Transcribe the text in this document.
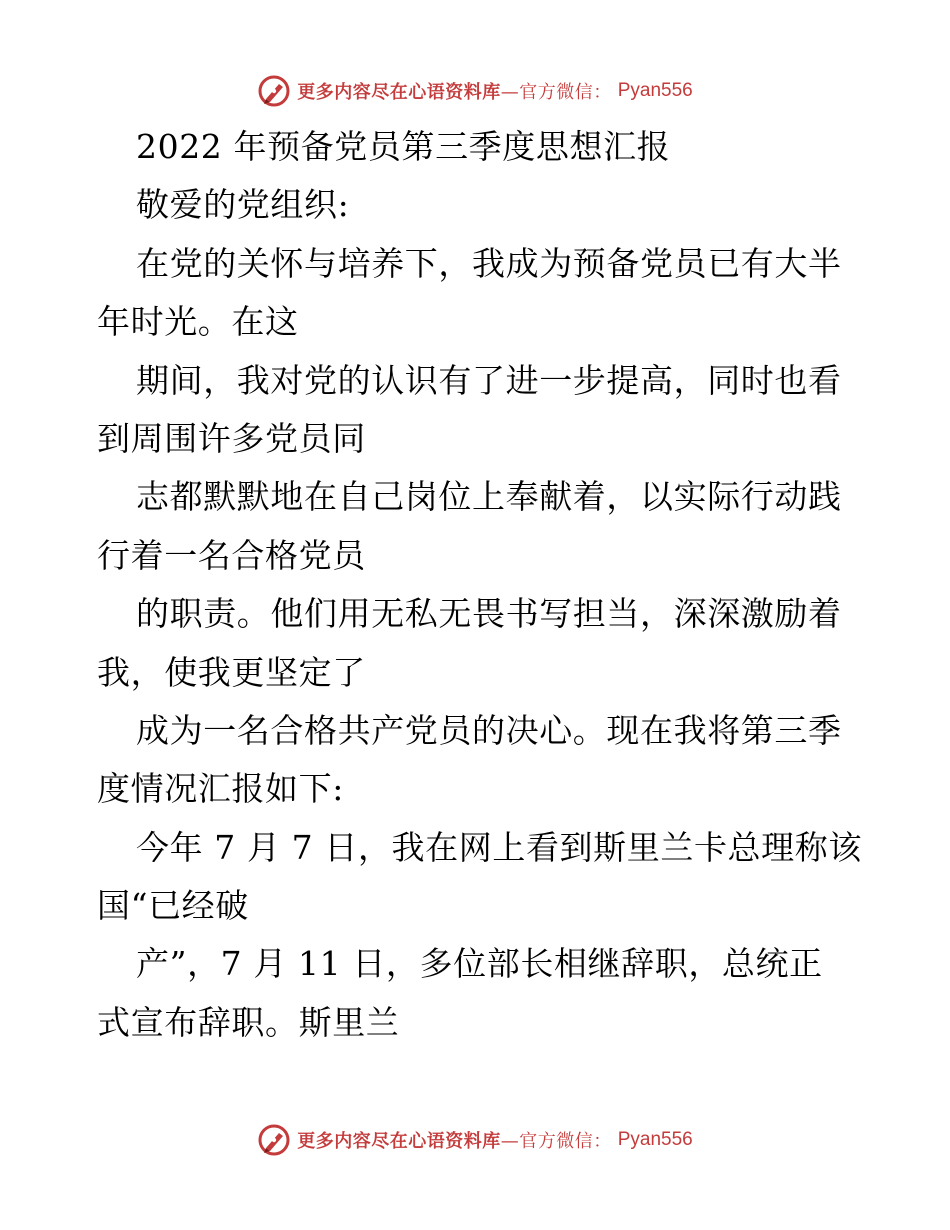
更多内容尽在心语资料库—官方微信： Pyan556
2022 年预备党员第三季度思想汇报
敬爱的党组织:
在党的关怀与培养下，我成为预备党员已有大半
年时光。在这
期间，我对党的认识有了进一步提高，同时也看
到周围许多党员同
志都默默地在自己岗位上奉献着，以实际行动践
行着一名合格党员
的职责。他们用无私无畏书写担当，深深激励着
我，使我更坚定了
成为一名合格共产党员的决心。现在我将第三季
度情况汇报如下:
今年 7 月 7 日，我在网上看到斯里兰卡总理称该
国“已经破
产”，7 月 11 日，多位部长相继辞职，总统正
式宣布辞职。斯里兰
更多内容尽在心语资料库—官方微信： Pyan556
